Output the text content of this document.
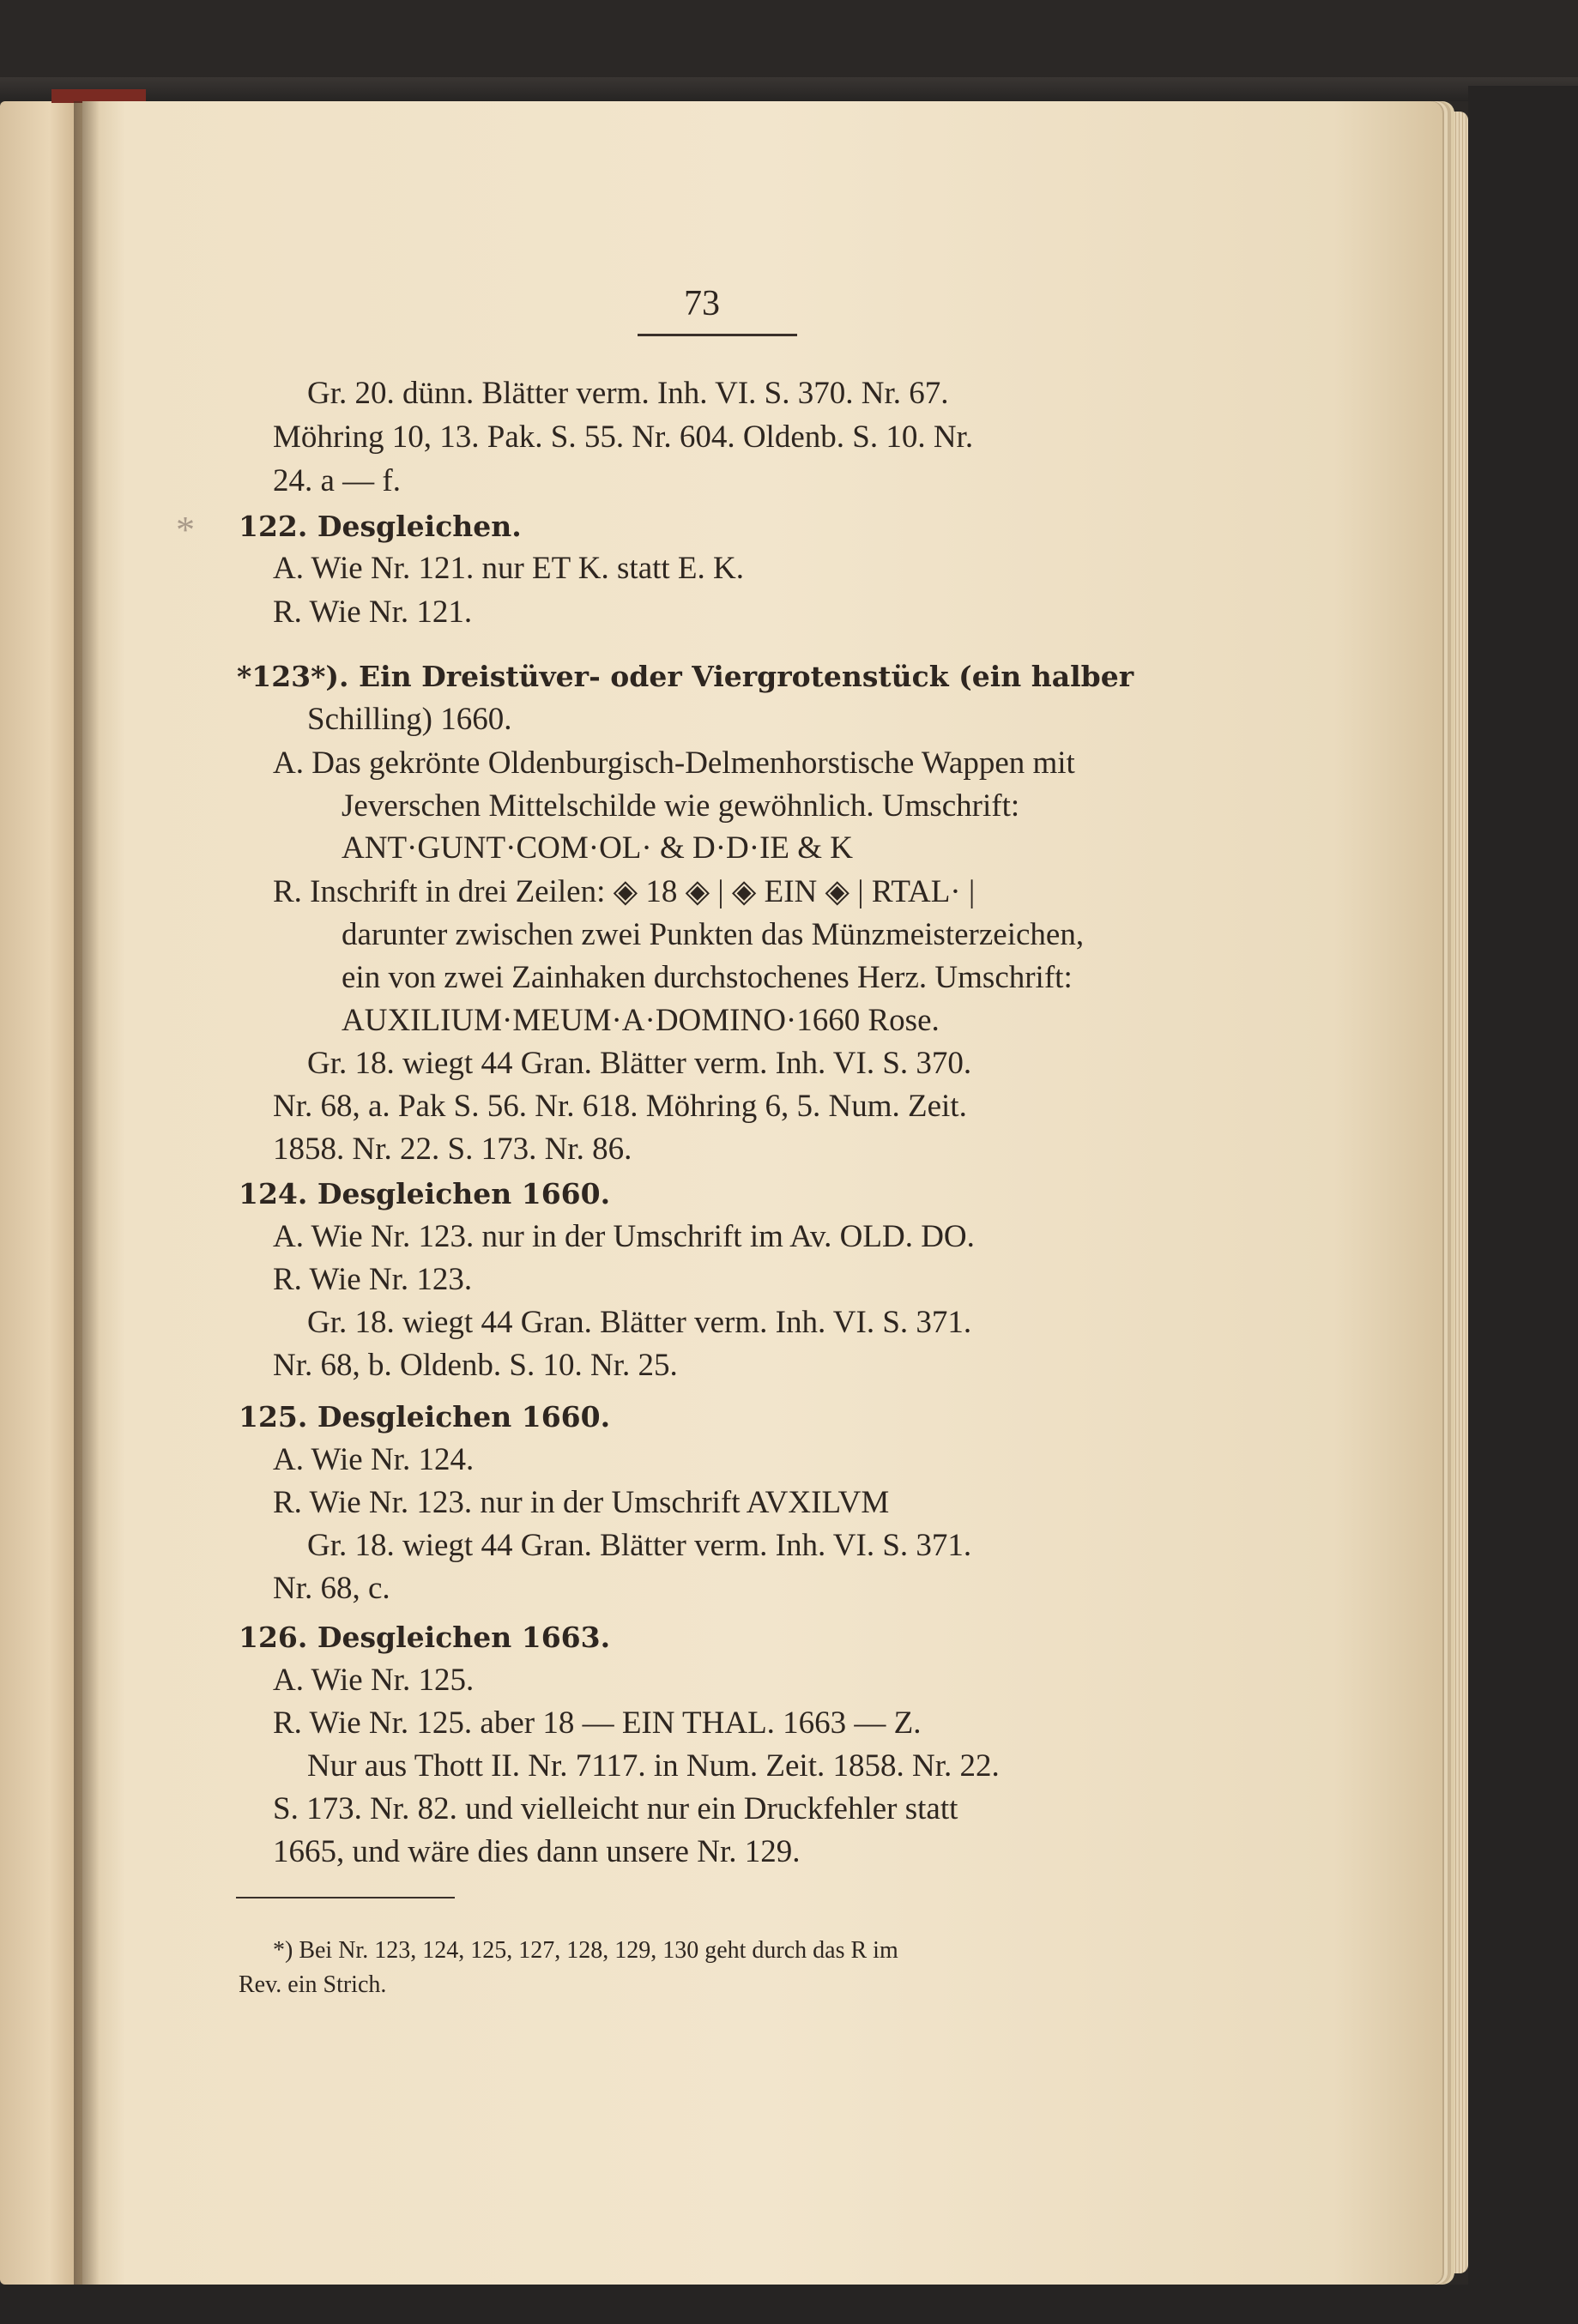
73
*
Gr. 20. dünn. Blätter verm. Inh. VI. S. 370. Nr. 67.
Möhring 10, 13. Pak. S. 55. Nr. 604. Oldenb. S. 10. Nr.
24. a — f.
122. Desgleichen.
A. Wie Nr. 121. nur ET K. statt E. K.
R. Wie Nr. 121.
*123*). Ein Dreistüver- oder Viergrotenstück (ein halber
Schilling) 1660.
A. Das gekrönte Oldenburgisch-Delmenhorstische Wappen mit
Jeverschen Mittelschilde wie gewöhnlich. Umschrift:
ANT·GUNT·COM·OL· & D·D·IE & K
R. Inschrift in drei Zeilen: ◈ 18 ◈ | ◈ EIN ◈ | RTAL· |
darunter zwischen zwei Punkten das Münzmeisterzeichen,
ein von zwei Zainhaken durchstochenes Herz. Umschrift:
AUXILIUM·MEUM·A·DOMINO·1660 Rose.
Gr. 18. wiegt 44 Gran. Blätter verm. Inh. VI. S. 370.
Nr. 68, a. Pak S. 56. Nr. 618. Möhring 6, 5. Num. Zeit.
1858. Nr. 22. S. 173. Nr. 86.
124. Desgleichen 1660.
A. Wie Nr. 123. nur in der Umschrift im Av. OLD. DO.
R. Wie Nr. 123.
Gr. 18. wiegt 44 Gran. Blätter verm. Inh. VI. S. 371.
Nr. 68, b. Oldenb. S. 10. Nr. 25.
125. Desgleichen 1660.
A. Wie Nr. 124.
R. Wie Nr. 123. nur in der Umschrift AVXILVM
Gr. 18. wiegt 44 Gran. Blätter verm. Inh. VI. S. 371.
Nr. 68, c.
126. Desgleichen 1663.
A. Wie Nr. 125.
R. Wie Nr. 125. aber 18 — EIN THAL. 1663 — Z.
Nur aus Thott II. Nr. 7117. in Num. Zeit. 1858. Nr. 22.
S. 173. Nr. 82. und vielleicht nur ein Druckfehler statt
1665, und wäre dies dann unsere Nr. 129.
*) Bei Nr. 123, 124, 125, 127, 128, 129, 130 geht durch das R im
Rev. ein Strich.
